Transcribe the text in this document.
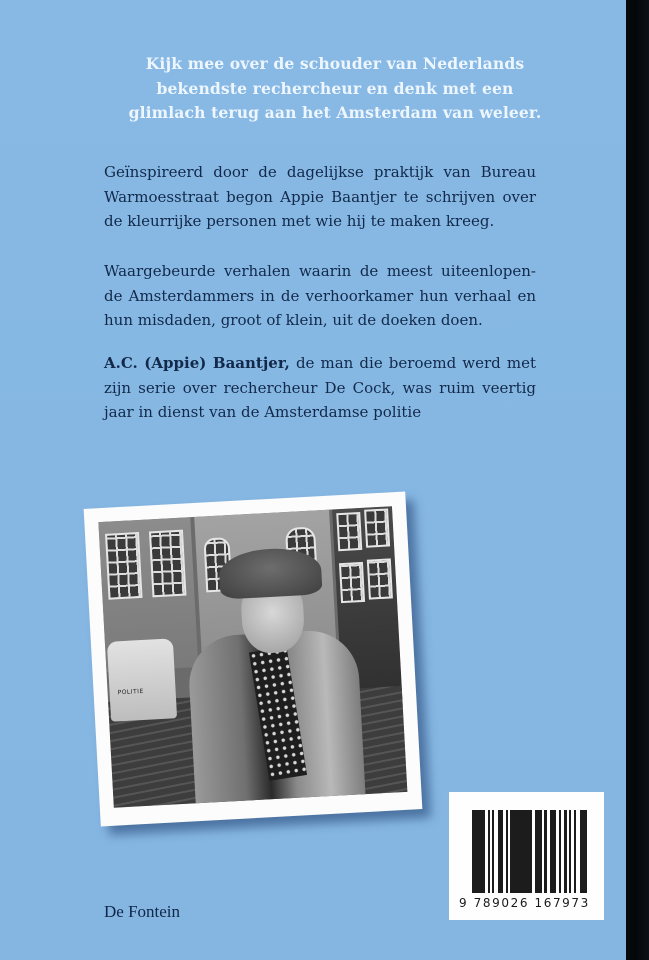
Kijk mee over de schouder van Nederlands
bekendste rechercheur en denk met een
glimlach terug aan het Amsterdam van weleer.
Geïnspireerd door de dagelijkse praktijk van Bureau
Warmoesstraat begon Appie Baantjer te schrijven over
de kleurrijke personen met wie hij te maken kreeg.
Waargebeurde verhalen waarin de meest uiteenlopen-
de Amsterdammers in de verhoorkamer hun verhaal en
hun misdaden, groot of klein, uit de doeken doen.
A.C. (Appie) Baantjer, de man die beroemd werd met
zijn serie over rechercheur De Cock, was ruim veertig
jaar in dienst van de Amsterdamse politie
POLITIE
9 789026 167973
De Fontein
